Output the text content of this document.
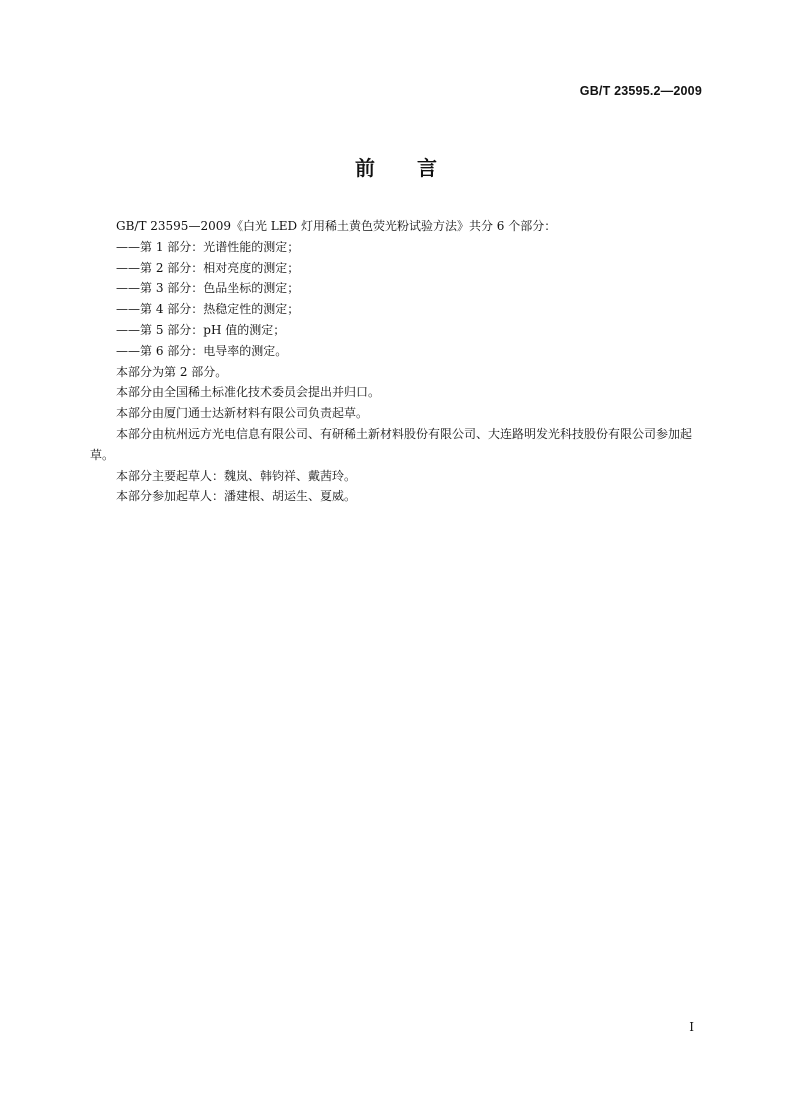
GB/T 23595.2—2009
前 言

GB/T 23595—2009《白光 LED 灯用稀土黄色荧光粉试验方法》共分 6 个部分：

——第 1 部分：光谱性能的测定；

——第 2 部分：相对亮度的测定；

——第 3 部分：色品坐标的测定；

——第 4 部分：热稳定性的测定；

——第 5 部分：pH 值的测定；

——第 6 部分：电导率的测定。

本部分为第 2 部分。

本部分由全国稀土标准化技术委员会提出并归口。

本部分由厦门通士达新材料有限公司负责起草。

本部分由杭州远方光电信息有限公司、有研稀土新材料股份有限公司、大连路明发光科技股份有限公司参加起草。

本部分主要起草人：魏岚、韩钧祥、戴茜玲。

本部分参加起草人：潘建根、胡运生、夏威。

I
